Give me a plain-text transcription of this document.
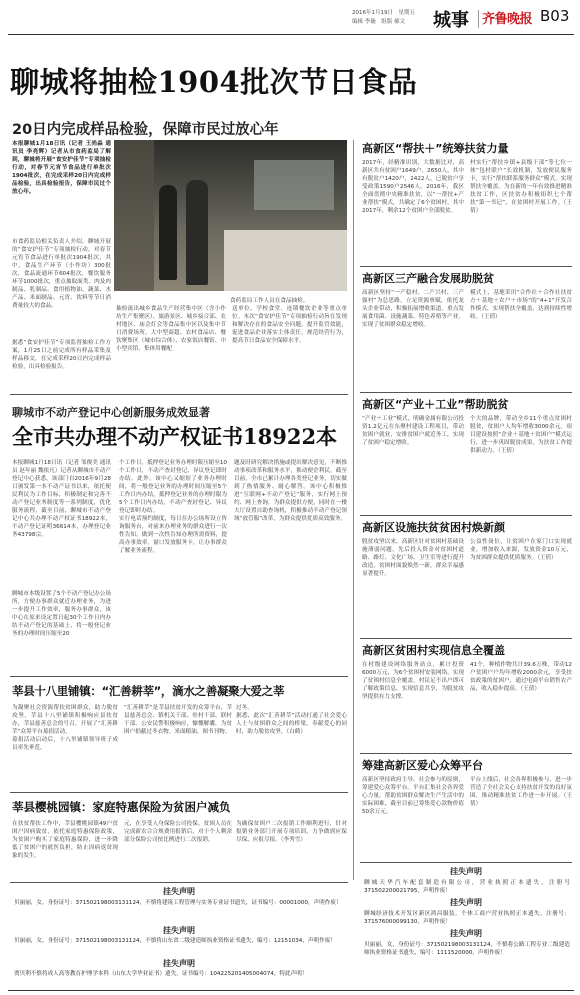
2016年1月19日　星期五
编辑 李璇　组版 郝文 城事 齐鲁晚报 B03
聊城将抽检1904批次节日食品
20日内完成样品检验，保障市民过放心年
本报聊城1月18日讯（记者 王尚淼 通讯员 李亮辉）记者从市食药监局了解到，聊城将开展“食安护佳节”专项抽检行动，对春节元宵节食品进行单批次1904批次，在完成采样20日内完成样品检验，出具检验报告，保障市民过个放心年。
市食药监局相关负责人介绍，聊城开展的“食安护佳节”专项抽检行动，对春节元宵节食品进行单批次1904批次，其中，食品生产环节（小作坊）300批次，食品流通环节604批次，餐饮服务环节1000批次，重点抽取面类、肉及肉制品、乳制品、食用植物油、蔬菜、水产品、米面制品、元宵、饮料等节日消费量较大的食品。
据悉“食安护佳节”专项监督抽检工作方案，1月25日之前完成所有样品采集及样品移交，在完成采样20日内完成样品检验，出具检验报告。
食药监局工作人员在食品抽检。
抽检流出城乡食品生产经营集中区（含小作坊生产集聚区）、旅游景区、城乡接合部、农村地区、庙会灯会等食品集中区以及集中节日消费场所，大中型商超、农村食品店、餐饮聚集区（城市综合体）、农家饭店餐馆、中小型宾馆、集体用餐配
送单位、学校食堂、连锁餐饮企业等重点单位。本次“食安护佳节”专项抽检行动旨在发现和解决存在的食品安全问题，提升监管效能，促进食品企业落实主体责任，规范经营行为，提高节日食品安全保障水平。
聊城市不动产登记中心创新服务成效显著
全市共办理不动产权证书18922本
本报聊城1月18日讯（记者 邹俊美 通讯员 赵年丽 魏依凡）记者从聊城市不动产登记中心获悉，该部门自2016年9月28日颁发第一本不动产证书以来，依托便民利民为工作目标，积极制定和完善不动产登记业务制度等一系列制度，优化服务流程，截至目前，聊城市不动产登记中心共办理不动产权证书18922本，不动产登记证明36614本，办理登记业务43798宗。
聊城市本级设置了5个不动产登记办公场所，方便办事群众就近办理业务，为进一步提升工作效率，服务办事群众，该中心在原来设定置日起30个工作日内办结不动产登记的基础上，将一般登记业务的办理时间压缩至20
个工作日，抵押登记业务办理时限压缩至10个工作日，不动产查封登记、异议登记即时办结。此外，该中心又缩短了业务办理时间，将一般登记业务的办理时间压缩至5个工作日内办结，抵押登记业务的办理时限为5个工作日内办结，不动产查封登记、异议登记即时办结。
实行电话预约制度，每日在办公场所设立咨询服务台，对前来办理业务的群众进行一次性告知，做到一次性告知办理所需资料，提高办事效率。窗口发放服务卡，让办事群众了解业务流程。
题及时研究解决措施或提出解决意见，不断推动事项改革和服务水平，推动便企利民。截至目前，全市已累计办理各类登记业务，切实做到了热情服务、耐心解答。该中心积极推进“互联网+不动产登记”服务，实行网上预约、网上查询，为群众提供方便。同时在一楼大厅设置自助查询机，积极推动不动产登记领域“放管服”改革，为群众提供优质高效服务。
莘县十八里铺镇：“汇善耕莘”，滴水之善凝聚大爱之莘
为凝聚社会资源帮扶贫困群众，助力脱贫攻坚，莘县十八里铺镇积极响应县扶贫办，莘县慈善总会的号召，开展了“汇善耕莘”众筹平台募捐活动。
募捐活动启动后，十八里铺镇领导班子成员率先垂范，
“汇善耕莘”是莘县扶贫开发的众筹平台，莘县慈善总会、镇机关干部、驻村干部、联村干部、公安民警积极响应，慷慨解囊，为贫困户捐献过冬衣物、米面粮油、图书刊物。
过冬。
据悉，此次“汇善耕莘”活动打通了社会爱心人士与贫困群众之间的桥梁，奉献爱心的同时，助力脱贫攻坚。（白鹤）
莘县樱桃园镇：家庭特惠保险为贫困户减负
在扶贫帮扶工作中，莘县樱桃园镇49户贫困户因病致贫，依托家庭特惠保险政策，为贫困户购买了家庭特惠保险，进一步降低了贫困户的就医负担，防止因病返贫现象的发生。
元，在享受人身保险公司投保，贫困人员在完成新农合合规费用报销后，对于个人剩余部分保险公司按比例进行二次报销。
为确保贫困户二次报销工作顺利进行，针对报销业务部门开展专项培训，力争做到应保尽保、应报尽报。（李秀雪）
挂失声明
贝丽丽，女，身份证号：371502198003131124，不慎将建筑工程管理与实务专业证书遗失，证书编号：00001000，声明作废！
挂失声明
贝丽丽，女，身份证号：371502198003131124，不慎将山东省二级建造师执业资格证书遗失，编号：12151034，声明作废！
挂失声明
贾贝利不慎将成人高等教育护理学本科（山东大学毕业证书）遗失，证书编号：104225201405004074，特此声明！
高新区“帮扶＋”统筹扶贫力量
2017年，经精准识别，大数据比对，高新区共有贫困户1649户、2650人，其中有脱贫户1420户，2422人，已脱贫户享受政策1590户2546人。2016年，我区全面贯彻中央精准扶贫，以“一帮扶+产业帮扶”模式，共确定了6个贫困村，其中2017年，剩余12个贫困户全部脱贫。
村实行“帮扶乡镇+县级干部”等七位一体“包村联户”长效机制，发放便民服务卡，实行“帮扶联系服务群众”模式，实现帮扶全覆盖。为在新的一年有效推进精准扶贫工作，区扶贫办积极组织七个帮扶“第一书记”，在贫困村开展工作。（王倩）
高新区三产融合发展助脱贫
高新区坚持“一产稳村、二产兴村、三产强村”为总思路，立足资源禀赋，依托龙头企业带动，积极拓展增收渠道。重点发展食用菌、设施蔬菜、特色养殖等产业，实现了贫困群众稳定增收。
模式上，基地采用“合作社＋合作社扶贫方＋基地＋农户＋市场”的“4+1”开发合作模式，实现帮扶全覆盖，达到持续性增收。（王倩）
高新区“产业＋工业”帮助脱贫
“产业＋工业”模式，明确金属有限公司投资1.2亿元在东聚村建设工程项目，带动贫困户就业，安排贫困户就近务工，实现了贫困户稳定增收。
个大的品牌，带动全乡11个重点贫困村脱贫，贫困户人均年增收3000余元。项目建设按照“企业＋基地＋贫困户”模式运行，进一步巩固脱贫成果，为扶贫工作提供新动力。（王倩）
高新区设施扶贫贫困村焕新颜
脱贫攻坚以来，高新区针对贫困村基础设施薄弱问题，先后投入资金对贫困村道路、路灯、文化广场、卫生室等进行提升改造，贫困村面貌焕然一新，群众幸福感显著提升。
公益性岗位，让贫困户在家门口实现就业，增加收入来源，发放资金10万元，为贫困群众提供优质服务。（王倩）
高新区贫困村实现信息全覆盖
在村级建设网络服务站点，累计投资6000万元，为6个贫困村安装网络，实现了贫困村信息全覆盖。村民足不出户即可了解政策信息，实现信息共享，为脱贫攻坚提供有力支撑。
41个，种植作物共计39.6万株，带动12户贫困户户均年增收2000余元，享受扶贫政策的贫困户，通过电商平台销售农产品，收入稳步提高。（王倩）
筹建高新区爱心众筹平台
高新区坚持政府主导、社会参与的原则，筹建爱心众筹平台。平台汇集社会各界爱心力量，帮助贫困群众解决生产生活中的实际困难，截至目前已筹集爱心款物价值50余万元。
平台上线后，社会各界积极参与，进一步营造了全社会关心支持扶贫开发的良好氛围，推动精准扶贫工作进一步开展。（王倩）
挂失声明
聊城天华汽车配套制造有限公司，营业执照正本遗失，注册号371502200021795，声明作废！
挂失声明
聊城经济技术开发区新区鸿昌服装，个体工商户营业执照正本遗失，注册号：371576000099130，声明作废！
挂失声明
贝丽丽，女，身份证号：371502198003131124，不慎将公路工程专业二级建造师执业资格证书遗失，编号：1111520000，声明作废！
